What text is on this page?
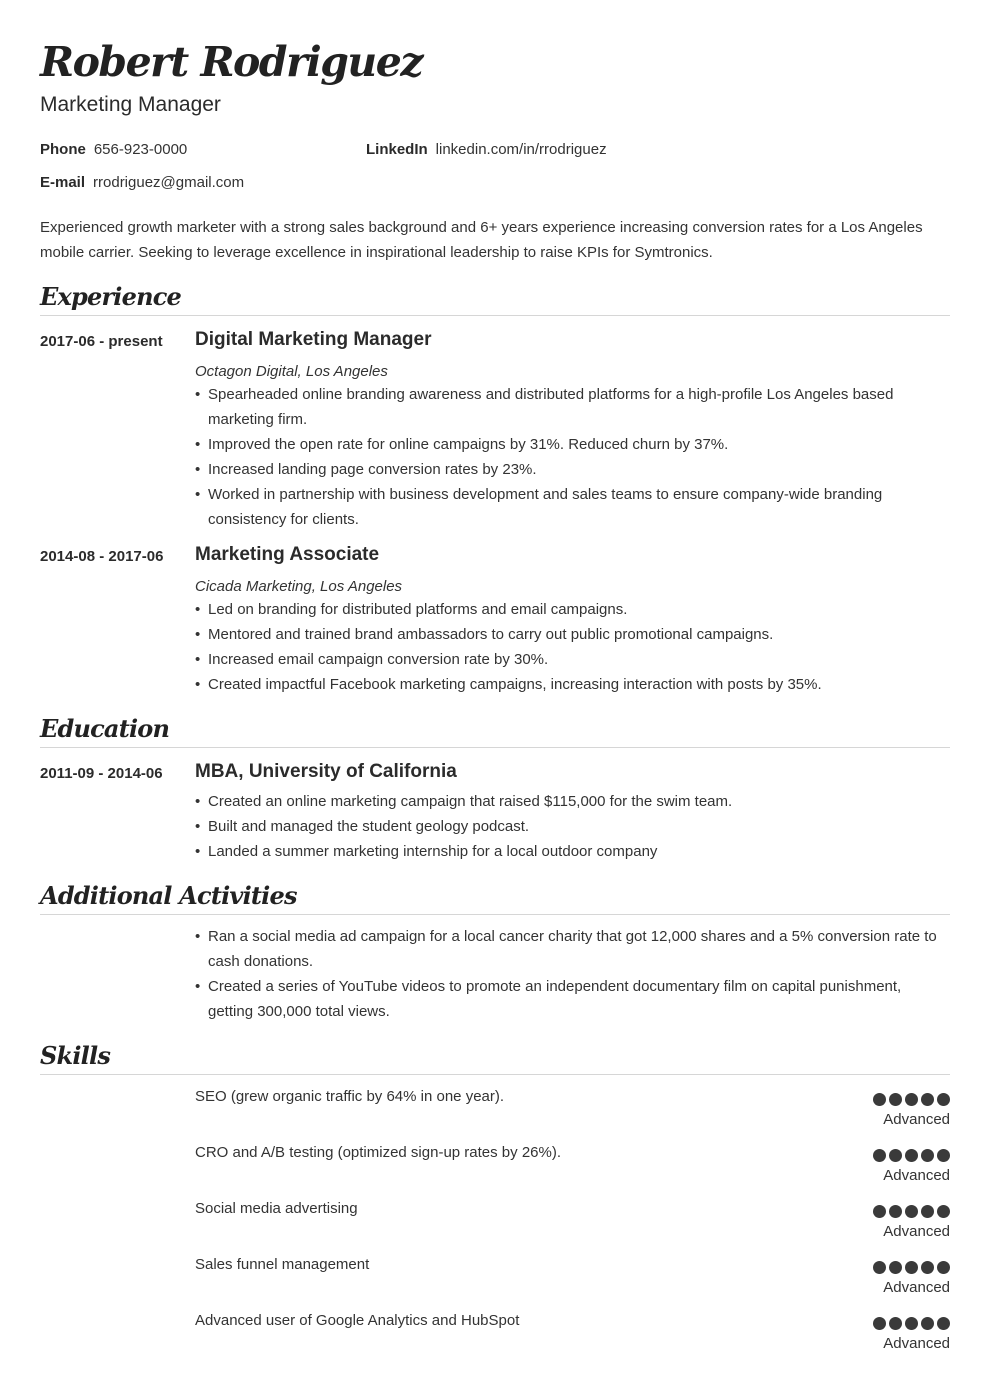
Robert Rodriguez
Marketing Manager
Phone 656-923-0000	LinkedIn linkedin.com/in/rrodriguez
E-mail rrodriguez@gmail.com
Experienced growth marketer with a strong sales background and 6+ years experience increasing conversion rates for a Los Angeles mobile carrier. Seeking to leverage excellence in inspirational leadership to raise KPIs for Symtronics.
Experience
2017-06 - present Digital Marketing Manager
Octagon Digital, Los Angeles
• Spearheaded online branding awareness and distributed platforms for a high-profile Los Angeles based marketing firm.
• Improved the open rate for online campaigns by 31%. Reduced churn by 37%.
• Increased landing page conversion rates by 23%.
• Worked in partnership with business development and sales teams to ensure company-wide branding consistency for clients.
2014-08 - 2017-06 Marketing Associate
Cicada Marketing, Los Angeles
• Led on branding for distributed platforms and email campaigns.
• Mentored and trained brand ambassadors to carry out public promotional campaigns.
• Increased email campaign conversion rate by 30%.
• Created impactful Facebook marketing campaigns, increasing interaction with posts by 35%.
Education
2011-09 - 2014-06 MBA, University of California
• Created an online marketing campaign that raised $115,000 for the swim team.
• Built and managed the student geology podcast.
• Landed a summer marketing internship for a local outdoor company
Additional Activities
• Ran a social media ad campaign for a local cancer charity that got 12,000 shares and a 5% conversion rate to cash donations.
• Created a series of YouTube videos to promote an independent documentary film on capital punishment, getting 300,000 total views.
Skills
SEO (grew organic traffic by 64% in one year).
Advanced
CRO and A/B testing (optimized sign-up rates by 26%).
Advanced
Social media advertising
Advanced
Sales funnel management
Advanced
Advanced user of Google Analytics and HubSpot
Advanced
